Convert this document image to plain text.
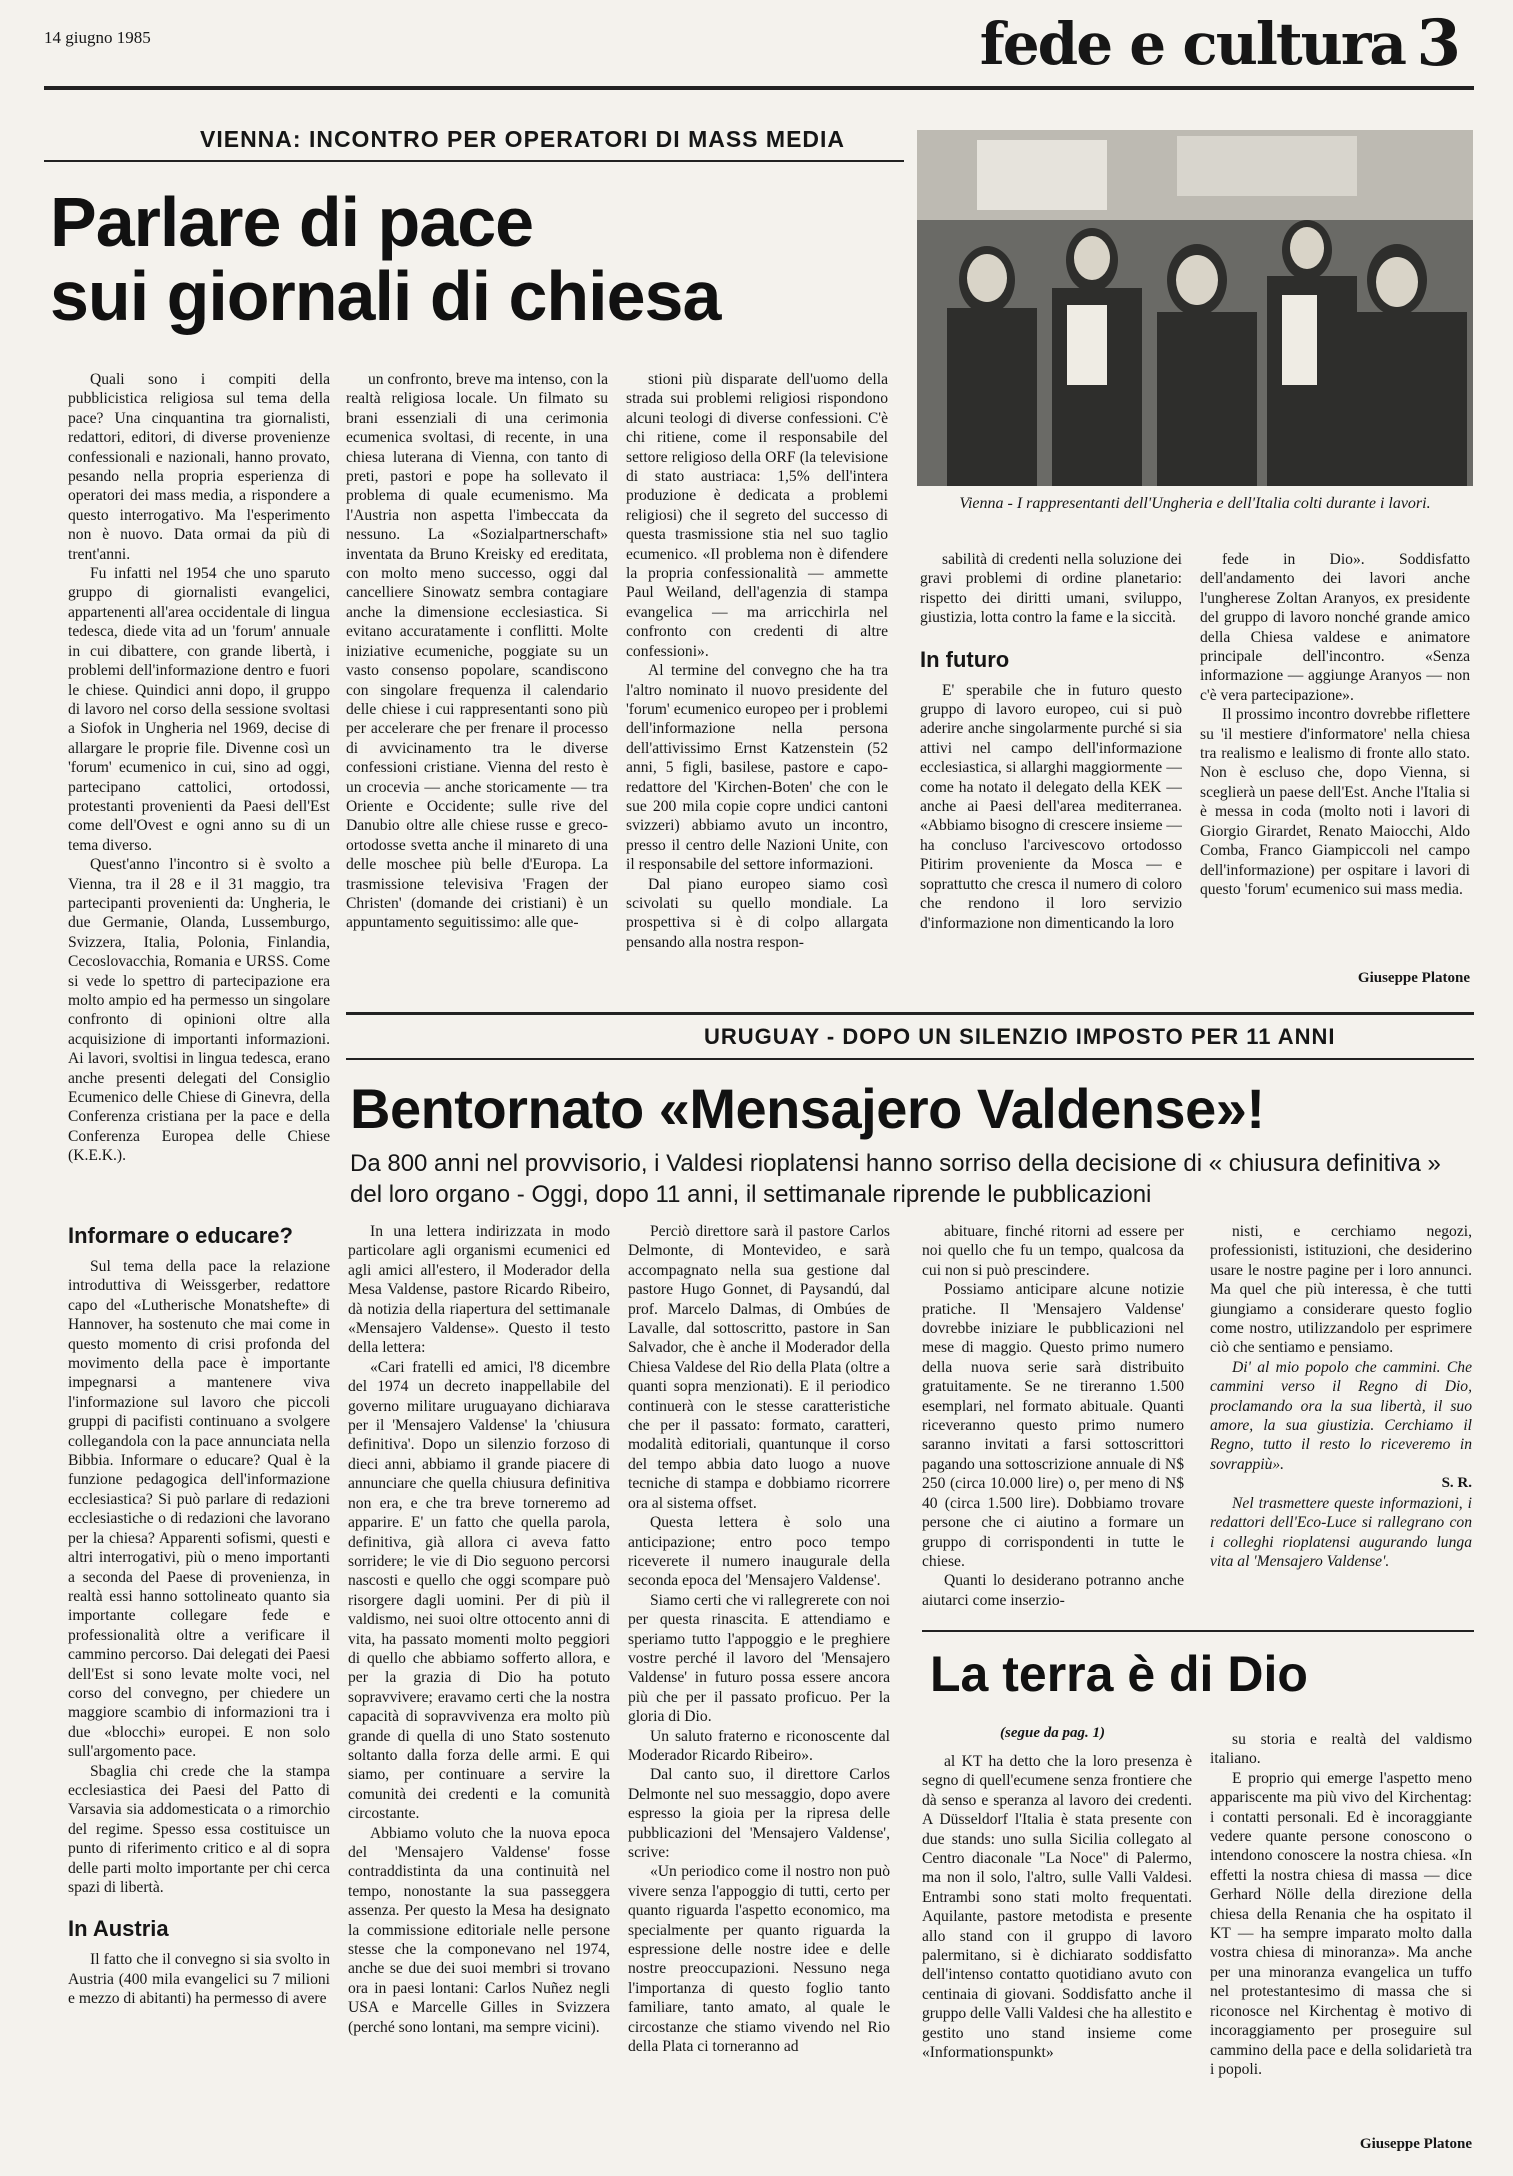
14 giugno 1985	fede e cultura 3
VIENNA: INCONTRO PER OPERATORI DI MASS MEDIA
Parlare di pace
sui giornali di chiesa
Vienna - I rappresentanti dell'Ungheria e dell'Italia colti durante i lavori.

Quali sono i compiti della pubblicistica religiosa sul tema della pace? Una cinquantina tra giornalisti, redattori, editori, di diverse provenienze confessionali e nazionali, hanno provato, pesando nella propria esperienza di operatori dei mass media, a rispondere a questo interrogativo. Ma l'esperimento non è nuovo. Data ormai da più di trent'anni.

Fu infatti nel 1954 che uno sparuto gruppo di giornalisti evangelici, appartenenti all'area occidentale di lingua tedesca, diede vita ad un 'forum' annuale in cui dibattere, con grande libertà, i problemi dell'informazione dentro e fuori le chiese. Quindici anni dopo, il gruppo di lavoro nel corso della sessione svoltasi a Siofok in Ungheria nel 1969, decise di allargare le proprie file. Divenne così un 'forum' ecumenico in cui, sino ad oggi, partecipano cattolici, ortodossi, protestanti provenienti da Paesi dell'Est come dell'Ovest e ogni anno su di un tema diverso.

Quest'anno l'incontro si è svolto a Vienna, tra il 28 e il 31 maggio, tra partecipanti provenienti da: Ungheria, le due Germanie, Olanda, Lussemburgo, Svizzera, Italia, Polonia, Finlandia, Cecoslovacchia, Romania e URSS. Come si vede lo spettro di partecipazione era molto ampio ed ha permesso un singolare confronto di opinioni oltre alla acquisizione di importanti informazioni. Ai lavori, svoltisi in lingua tedesca, erano anche presenti delegati del Consiglio Ecumenico delle Chiese di Ginevra, della Conferenza cristiana per la pace e della Conferenza Europea delle Chiese (K.E.K.).

un confronto, breve ma intenso, con la realtà religiosa locale. Un filmato su brani essenziali di una cerimonia ecumenica svoltasi, di recente, in una chiesa luterana di Vienna, con tanto di preti, pastori e pope ha sollevato il problema di quale ecumenismo. Ma l'Austria non aspetta l'imbeccata da nessuno. La «Sozialpartnerschaft» inventata da Bruno Kreisky ed ereditata, con molto meno successo, oggi dal cancelliere Sinowatz sembra contagiare anche la dimensione ecclesiastica. Si evitano accuratamente i conflitti. Molte iniziative ecumeniche, poggiate su un vasto consenso popolare, scandiscono con singolare frequenza il calendario delle chiese i cui rappresentanti sono più per accelerare che per frenare il processo di avvicinamento tra le diverse confessioni cristiane. Vienna del resto è un crocevia — anche storicamente — tra Oriente e Occidente; sulle rive del Danubio oltre alle chiese russe e greco-ortodosse svetta anche il minareto di una delle moschee più belle d'Europa. La trasmissione televisiva 'Fragen der Christen' (domande dei cristiani) è un appuntamento seguitissimo: alle que-

stioni più disparate dell'uomo della strada sui problemi religiosi rispondono alcuni teologi di diverse confessioni. C'è chi ritiene, come il responsabile del settore religioso della ORF (la televisione di stato austriaca: 1,5% dell'intera produzione è dedicata a problemi religiosi) che il segreto del successo di questa trasmissione stia nel suo taglio ecumenico. «Il problema non è difendere la propria confessionalità — ammette Paul Weiland, dell'agenzia di stampa evangelica — ma arricchirla nel confronto con credenti di altre confessioni».

Al termine del convegno che ha tra l'altro nominato il nuovo presidente del 'forum' ecumenico europeo per i problemi dell'informazione nella persona dell'attivissimo Ernst Katzenstein (52 anni, 5 figli, basilese, pastore e capo-redattore del 'Kirchen-Boten' che con le sue 200 mila copie copre undici cantoni svizzeri) abbiamo avuto un incontro, presso il centro delle Nazioni Unite, con il responsabile del settore informazioni.

Dal piano europeo siamo così scivolati su quello mondiale. La prospettiva si è di colpo allargata pensando alla nostra respon-

sabilità di credenti nella soluzione dei gravi problemi di ordine planetario: rispetto dei diritti umani, sviluppo, giustizia, lotta contro la fame e la siccità.

In futuro

E' sperabile che in futuro questo gruppo di lavoro europeo, cui si può aderire anche singolarmente purché si sia attivi nel campo dell'informazione ecclesiastica, si allarghi maggiormente — come ha notato il delegato della KEK — anche ai Paesi dell'area mediterranea. «Abbiamo bisogno di crescere insieme — ha concluso l'arcivescovo ortodosso Pitirim proveniente da Mosca — e soprattutto che cresca il numero di coloro che rendono il loro servizio d'informazione non dimenticando la loro

fede in Dio». Soddisfatto dell'andamento dei lavori anche l'ungherese Zoltan Aranyos, ex presidente del gruppo di lavoro nonché grande amico della Chiesa valdese e animatore principale dell'incontro. «Senza informazione — aggiunge Aranyos — non c'è vera partecipazione».

Il prossimo incontro dovrebbe riflettere su 'il mestiere d'informatore' nella chiesa tra realismo e lealismo di fronte allo stato. Non è escluso che, dopo Vienna, si sceglierà un paese dell'Est. Anche l'Italia si è messa in coda (molto noti i lavori di Giorgio Girardet, Renato Maiocchi, Aldo Comba, Franco Giampiccoli nel campo dell'informazione) per ospitare i lavori di questo 'forum' ecumenico sui mass media.

Giuseppe Platone
URUGUAY - DOPO UN SILENZIO IMPOSTO PER 11 ANNI
Bentornato «Mensajero Valdense»!
Da 800 anni nel provvisorio, i Valdesi rioplatensi hanno sorriso della decisione di « chiusura definitiva » del loro organo - Oggi, dopo 11 anni, il settimanale riprende le pubblicazioni
Informare o educare?

Sul tema della pace la relazione introduttiva di Weissgerber, redattore capo del «Lutherische Monatshefte» di Hannover, ha sostenuto che mai come in questo momento di crisi profonda del movimento della pace è importante impegnarsi a mantenere viva l'informazione sul lavoro che piccoli gruppi di pacifisti continuano a svolgere collegandola con la pace annunciata nella Bibbia. Informare o educare? Qual è la funzione pedagogica dell'informazione ecclesiastica? Si può parlare di redazioni ecclesiastiche o di redazioni che lavorano per la chiesa? Apparenti sofismi, questi e altri interrogativi, più o meno importanti a seconda del Paese di provenienza, in realtà essi hanno sottolineato quanto sia importante collegare fede e professionalità oltre a verificare il cammino percorso. Dai delegati dei Paesi dell'Est si sono levate molte voci, nel corso del convegno, per chiedere un maggiore scambio di informazioni tra i due «blocchi» europei. E non solo sull'argomento pace.

Sbaglia chi crede che la stampa ecclesiastica dei Paesi del Patto di Varsavia sia addomesticata o a rimorchio del regime. Spesso essa costituisce un punto di riferimento critico e al di sopra delle parti molto importante per chi cerca spazi di libertà.

In Austria

Il fatto che il convegno si sia svolto in Austria (400 mila evangelici su 7 milioni e mezzo di abitanti) ha permesso di avere

In una lettera indirizzata in modo particolare agli organismi ecumenici ed agli amici all'estero, il Moderador della Mesa Valdense, pastore Ricardo Ribeiro, dà notizia della riapertura del settimanale «Mensajero Valdense». Questo il testo della lettera:

«Cari fratelli ed amici, l'8 dicembre del 1974 un decreto inappellabile del governo militare uruguayano dichiarava per il 'Mensajero Valdense' la 'chiusura definitiva'. Dopo un silenzio forzoso di dieci anni, abbiamo il grande piacere di annunciare che quella chiusura definitiva non era, e che tra breve torneremo ad apparire. E' un fatto che quella parola, definitiva, già allora ci aveva fatto sorridere; le vie di Dio seguono percorsi nascosti e quello che oggi scompare può risorgere dagli uomini. Per di più il valdismo, nei suoi oltre ottocento anni di vita, ha passato momenti molto peggiori di quello che abbiamo sofferto allora, e per la grazia di Dio ha potuto sopravvivere; eravamo certi che la nostra capacità di sopravvivenza era molto più grande di quella di uno Stato sostenuto soltanto dalla forza delle armi. E qui siamo, per continuare a servire la comunità dei credenti e la comunità circostante.

Abbiamo voluto che la nuova epoca del 'Mensajero Valdense' fosse contraddistinta da una continuità nel tempo, nonostante la sua passeggera assenza. Per questo la Mesa ha designato la commissione editoriale nelle persone stesse che la componevano nel 1974, anche se due dei suoi membri si trovano ora in paesi lontani: Carlos Nuñez negli USA e Marcelle Gilles in Svizzera (perché sono lontani, ma sempre vicini).

Perciò direttore sarà il pastore Carlos Delmonte, di Montevideo, e sarà accompagnato nella sua gestione dal pastore Hugo Gonnet, di Paysandú, dal prof. Marcelo Dalmas, di Ombúes de Lavalle, dal sottoscritto, pastore in San Salvador, che è anche il Moderador della Chiesa Valdese del Rio della Plata (oltre a quanti sopra menzionati). E il periodico continuerà con le stesse caratteristiche che per il passato: formato, caratteri, modalità editoriali, quantunque il corso del tempo abbia dato luogo a nuove tecniche di stampa e dobbiamo ricorrere ora al sistema offset.

Questa lettera è solo una anticipazione; entro poco tempo riceverete il numero inaugurale della seconda epoca del 'Mensajero Valdense'.

Siamo certi che vi rallegrerete con noi per questa rinascita. E attendiamo e speriamo tutto l'appoggio e le preghiere vostre perché il lavoro del 'Mensajero Valdense' in futuro possa essere ancora più che per il passato proficuo. Per la gloria di Dio.

Un saluto fraterno e riconoscente dal Moderador Ricardo Ribeiro».

Dal canto suo, il direttore Carlos Delmonte nel suo messaggio, dopo avere espresso la gioia per la ripresa delle pubblicazioni del 'Mensajero Valdense', scrive:

«Un periodico come il nostro non può vivere senza l'appoggio di tutti, certo per quanto riguarda l'aspetto economico, ma specialmente per quanto riguarda la espressione delle nostre idee e delle nostre preoccupazioni. Nessuno nega l'importanza di questo foglio tanto familiare, tanto amato, al quale le circostanze che stiamo vivendo nel Rio della Plata ci torneranno ad

abituare, finché ritorni ad essere per noi quello che fu un tempo, qualcosa da cui non si può prescindere.

Possiamo anticipare alcune notizie pratiche. Il 'Mensajero Valdense' dovrebbe iniziare le pubblicazioni nel mese di maggio. Questo primo numero della nuova serie sarà distribuito gratuitamente. Se ne tireranno 1.500 esemplari, nel formato abituale. Quanti riceveranno questo primo numero saranno invitati a farsi sottoscrittori pagando una sottoscrizione annuale di N$ 250 (circa 10.000 lire) o, per meno di N$ 40 (circa 1.500 lire). Dobbiamo trovare persone che ci aiutino a formare un gruppo di corrispondenti in tutte le chiese.

Quanti lo desiderano potranno anche aiutarci come inserzio-

nisti, e cerchiamo negozi, professionisti, istituzioni, che desiderino usare le nostre pagine per i loro annunci. Ma quel che più interessa, è che tutti giungiamo a considerare questo foglio come nostro, utilizzandolo per esprimere ciò che sentiamo e pensiamo.

Di' al mio popolo che cammini. Che cammini verso il Regno di Dio, proclamando ora la sua libertà, il suo amore, la sua giustizia. Cerchiamo il Regno, tutto il resto lo riceveremo in sovrappiù».

S. R.

Nel trasmettere queste informazioni, i redattori dell'Eco-Luce si rallegrano con i colleghi rioplatensi augurando lunga vita al 'Mensajero Valdense'.

La terra è di Dio
(segue da pag. 1)

al KT ha detto che la loro presenza è segno di quell'ecumene senza frontiere che dà senso e speranza al lavoro dei credenti. A Düsseldorf l'Italia è stata presente con due stands: uno sulla Sicilia collegato al Centro diaconale "La Noce" di Palermo, ma non il solo, l'altro, sulle Valli Valdesi. Entrambi sono stati molto frequentati. Aquilante, pastore metodista e presente allo stand con il gruppo di lavoro palermitano, si è dichiarato soddisfatto dell'intenso contatto quotidiano avuto con centinaia di giovani. Soddisfatto anche il gruppo delle Valli Valdesi che ha allestito e gestito uno stand insieme come «Informationspunkt»

su storia e realtà del valdismo italiano.

E proprio qui emerge l'aspetto meno appariscente ma più vivo del Kirchentag: i contatti personali. Ed è incoraggiante vedere quante persone conoscono o intendono conoscere la nostra chiesa. «In effetti la nostra chiesa di massa — dice Gerhard Nölle della direzione della chiesa della Renania che ha ospitato il KT — ha sempre imparato molto dalla vostra chiesa di minoranza». Ma anche per una minoranza evangelica un tuffo nel protestantesimo di massa che si riconosce nel Kirchentag è motivo di incoraggiamento per proseguire sul cammino della pace e della solidarietà tra i popoli.

Giuseppe Platone
